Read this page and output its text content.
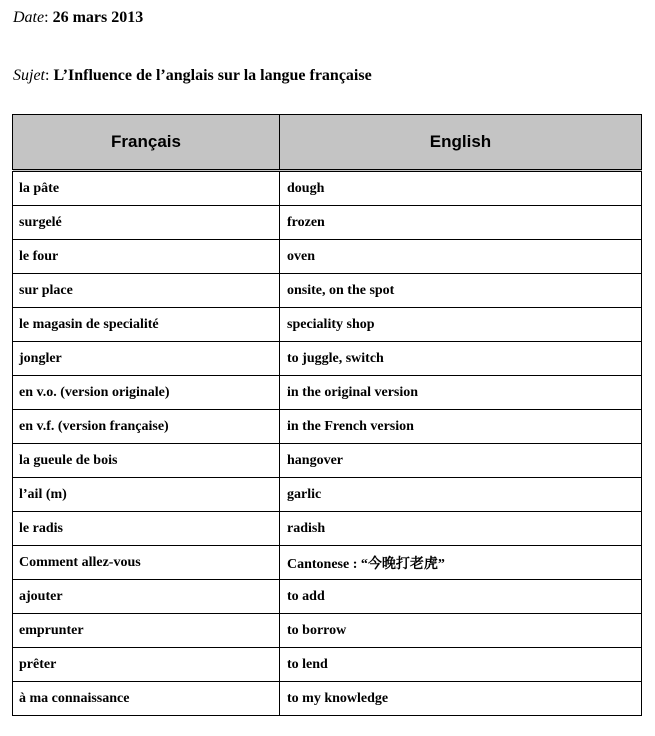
Date: 26 mars 2013
Sujet: L’Influence de l’anglais sur la langue française
Français	English
la pâte	dough
surgelé	frozen
le four	oven
sur place	onsite, on the spot
le magasin de specialité	speciality shop
jongler	to juggle, switch
en v.o. (version originale)	in the original version
en v.f. (version française)	in the French version
la gueule de bois	hangover
l’ail (m)	garlic
le radis	radish
Comment allez-vous	Cantonese : “今晚打老虎”
ajouter	to add
emprunter	to borrow
prêter	to lend
à ma connaissance	to my knowledge
